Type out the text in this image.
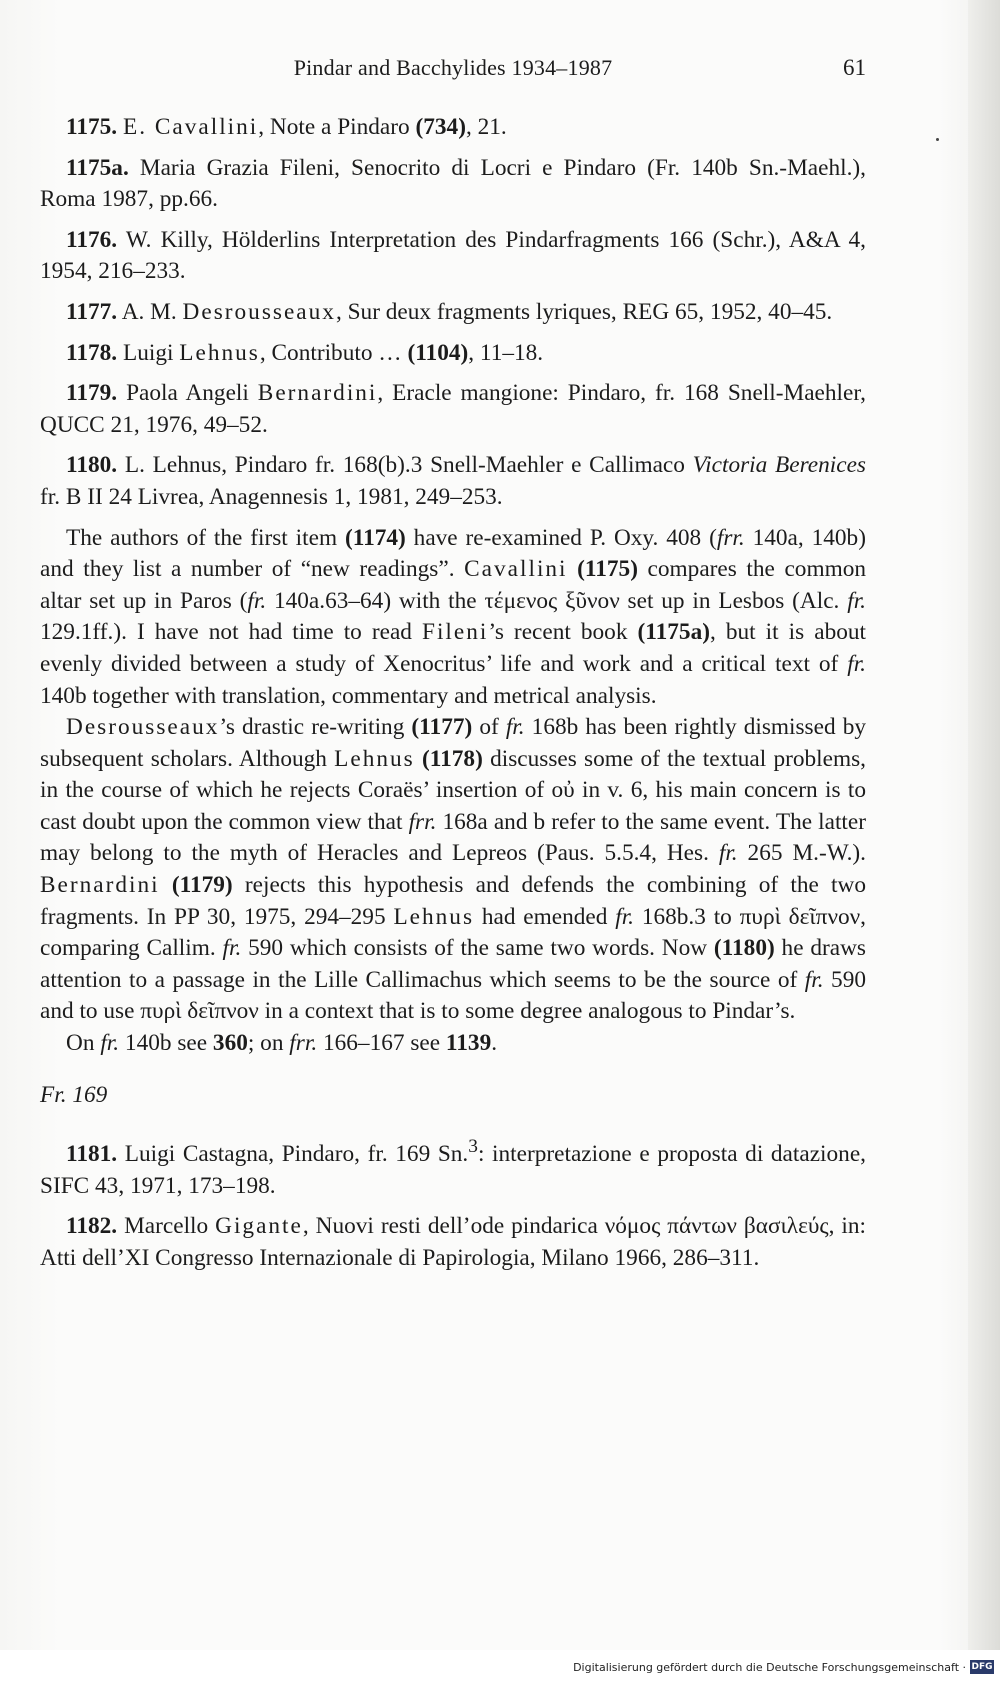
Pindar and Bacchylides 1934–1987	61
1175. E. Cavallini, Note a Pindaro (734), 21.
1175a. Maria Grazia Fileni, Senocrito di Locri e Pindaro (Fr. 140b Sn.-Maehl.), Roma 1987, pp.66.
1176. W. Killy, Hölderlins Interpretation des Pindarfragments 166 (Schr.), A&A 4, 1954, 216–233.
1177. A. M. Desrousseaux, Sur deux fragments lyriques, REG 65, 1952, 40–45.
1178. Luigi Lehnus, Contributo … (1104), 11–18.
1179. Paola Angeli Bernardini, Eracle mangione: Pindaro, fr. 168 Snell-Maehler, QUCC 21, 1976, 49–52.
1180. L. Lehnus, Pindaro fr. 168(b).3 Snell-Maehler e Callimaco Victoria Berenices fr. B II 24 Livrea, Anagennesis 1, 1981, 249–253.

The authors of the first item (1174) have re-examined P. Oxy. 408 (frr. 140a, 140b) and they list a number of “new readings”. Cavallini (1175) compares the common altar set up in Paros (fr. 140a.63–64) with the τέμενος ξῦνον set up in Lesbos (Alc. fr. 129.1ff.). I have not had time to read Fileni’s recent book (1175a), but it is about evenly divided between a study of Xenocritus’ life and work and a critical text of fr. 140b together with translation, commentary and metrical analysis.

Desrousseaux’s drastic re-writing (1177) of fr. 168b has been rightly dismissed by subsequent scholars. Although Lehnus (1178) discusses some of the textual problems, in the course of which he rejects Coraës’ insertion of οὐ in v. 6, his main concern is to cast doubt upon the common view that frr. 168a and b refer to the same event. The latter may belong to the myth of Heracles and Lepreos (Paus. 5.5.4, Hes. fr. 265 M.-W.). Bernardini (1179) rejects this hypothesis and defends the combining of the two fragments. In PP 30, 1975, 294–295 Lehnus had emended fr. 168b.3 to πυρὶ δεῖπνον, comparing Callim. fr. 590 which consists of the same two words. Now (1180) he draws attention to a passage in the Lille Callimachus which seems to be the source of fr. 590 and to use πυρὶ δεῖπνον in a context that is to some degree analogous to Pindar’s.

On fr. 140b see 360; on frr. 166–167 see 1139.

Fr. 169
1181. Luigi Castagna, Pindaro, fr. 169 Sn.$^3$: interpretazione e proposta di datazione, SIFC 43, 1971, 173–198.
1182. Marcello Gigante, Nuovi resti dell’ode pindarica νόμος πάντων βασιλεύς, in: Atti dell’XI Congresso Internazionale di Papirologia, Milano 1966, 286–311.
Digitalisierung gefördert durch die Deutsche Forschungsgemeinschaft · DFG
